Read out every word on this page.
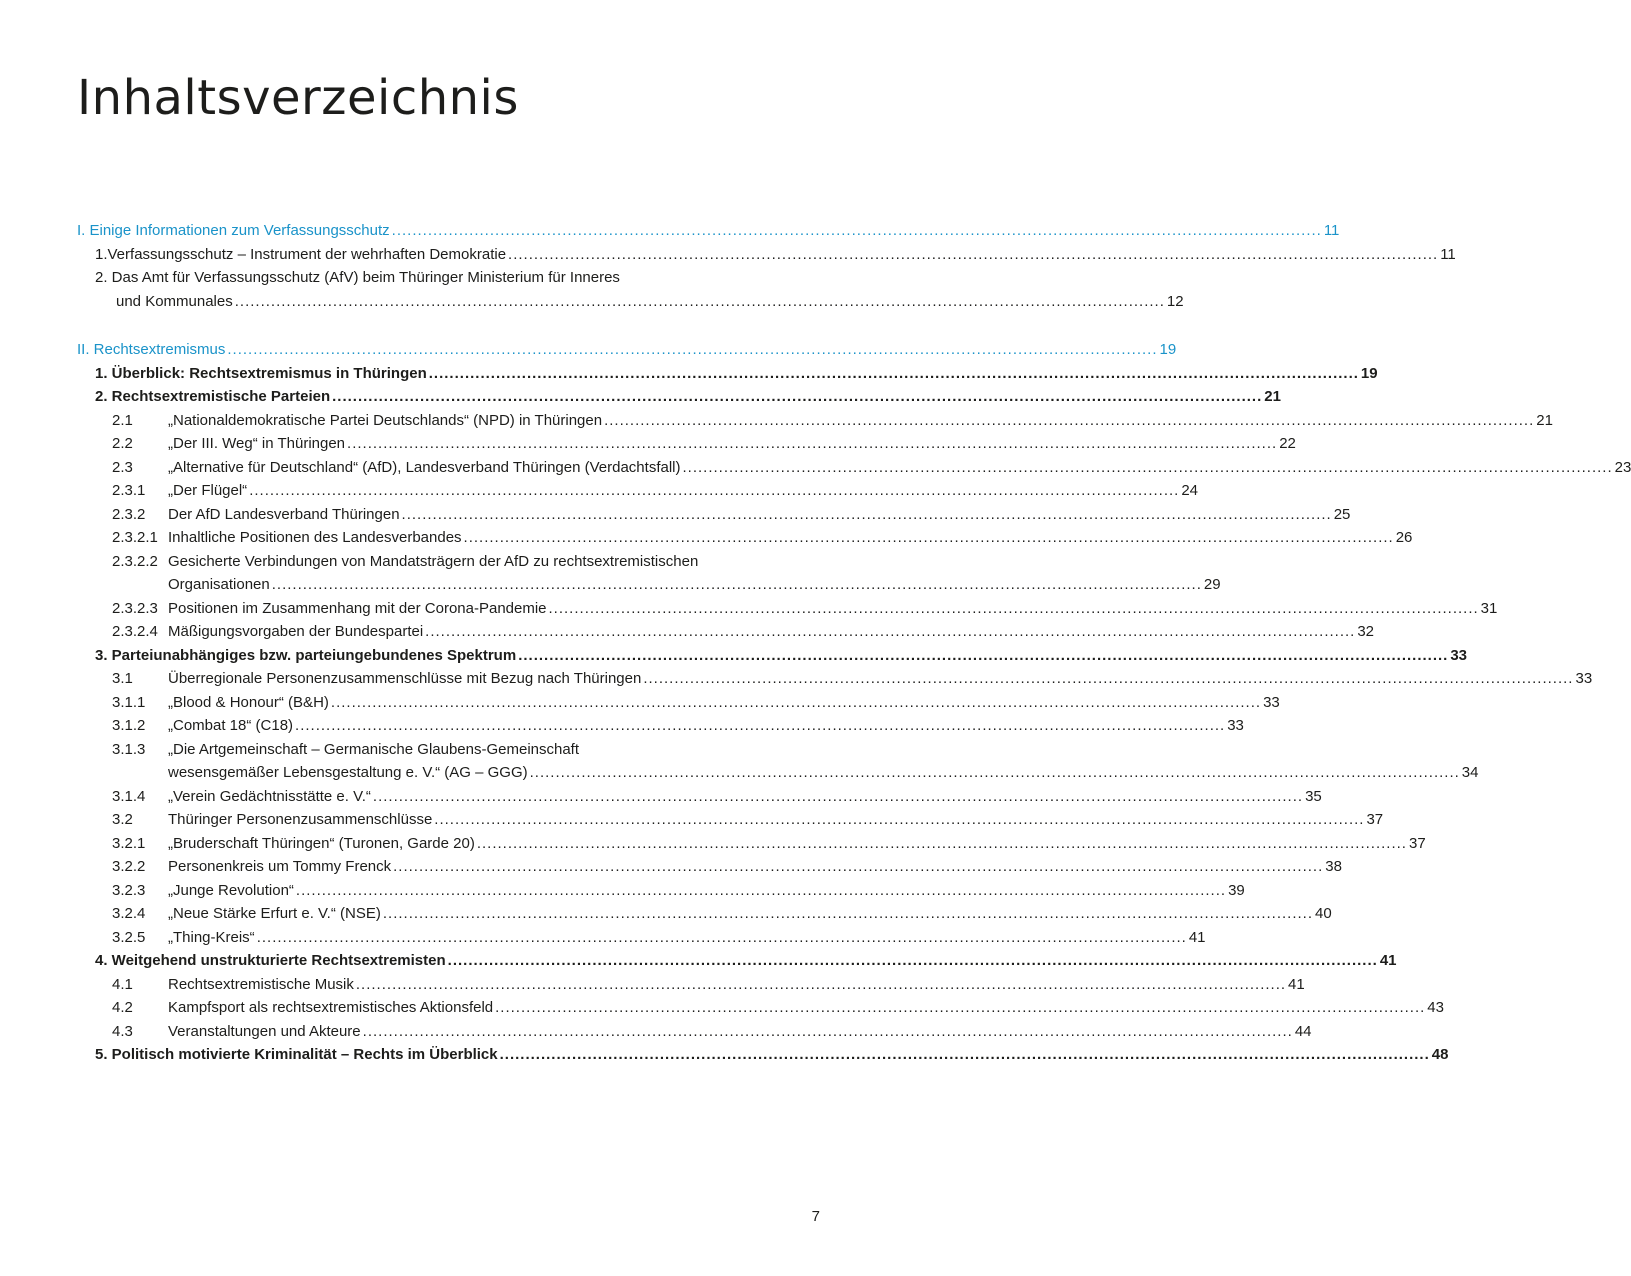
Inhaltsverzeichnis
I. Einige Informationen zum Verfassungsschutz .................................................................................................................................................................................... 11
1.Verfassungsschutz – Instrument der wehrhaften Demokratie .................................................................................................................................................................................... 11
2. Das Amt für Verfassungsschutz (AfV) beim Thüringer Ministerium für Inneres
und Kommunales .................................................................................................................................................................................... 12
II. Rechtsextremismus .................................................................................................................................................................................... 19
1. Überblick: Rechtsextremismus in Thüringen .................................................................................................................................................................................... 19
2. Rechtsextremistische Parteien .................................................................................................................................................................................... 21
2.1 „Nationaldemokratische Partei Deutschlands“ (NPD) in Thüringen .................................................................................................................................................................................... 21
2.2 „Der III. Weg“ in Thüringen .................................................................................................................................................................................... 22
2.3 „Alternative für Deutschland“ (AfD), Landesverband Thüringen (Verdachtsfall) .................................................................................................................................................................................... 23
2.3.1 „Der Flügel“ .................................................................................................................................................................................... 24
2.3.2 Der AfD Landesverband Thüringen .................................................................................................................................................................................... 25
2.3.2.1 Inhaltliche Positionen des Landesverbandes .................................................................................................................................................................................... 26
2.3.2.2 Gesicherte Verbindungen von Mandatsträgern der AfD zu rechtsextremistischen
Organisationen .................................................................................................................................................................................... 29
2.3.2.3 Positionen im Zusammenhang mit der Corona-Pandemie .................................................................................................................................................................................... 31
2.3.2.4 Mäßigungsvorgaben der Bundespartei .................................................................................................................................................................................... 32
3. Parteiunabhängiges bzw. parteiungebundenes Spektrum .................................................................................................................................................................................... 33
3.1 Überregionale Personenzusammenschlüsse mit Bezug nach Thüringen .................................................................................................................................................................................... 33
3.1.1 „Blood & Honour“ (B&H) .................................................................................................................................................................................... 33
3.1.2 „Combat 18“ (C18) .................................................................................................................................................................................... 33
3.1.3 „Die Artgemeinschaft – Germanische Glaubens-Gemeinschaft
wesensgemäßer Lebensgestaltung e. V.“ (AG – GGG) .................................................................................................................................................................................... 34
3.1.4 „Verein Gedächtnisstätte e. V.“ .................................................................................................................................................................................... 35
3.2 Thüringer Personenzusammenschlüsse .................................................................................................................................................................................... 37
3.2.1 „Bruderschaft Thüringen“ (Turonen, Garde 20) .................................................................................................................................................................................... 37
3.2.2 Personenkreis um Tommy Frenck .................................................................................................................................................................................... 38
3.2.3 „Junge Revolution“ .................................................................................................................................................................................... 39
3.2.4 „Neue Stärke Erfurt e. V.“ (NSE) .................................................................................................................................................................................... 40
3.2.5 „Thing-Kreis“ .................................................................................................................................................................................... 41
4. Weitgehend unstrukturierte Rechtsextremisten .................................................................................................................................................................................... 41
4.1 Rechtsextremistische Musik .................................................................................................................................................................................... 41
4.2 Kampfsport als rechtsextremistisches Aktionsfeld .................................................................................................................................................................................... 43
4.3 Veranstaltungen und Akteure .................................................................................................................................................................................... 44
5. Politisch motivierte Kriminalität – Rechts im Überblick .................................................................................................................................................................................... 48
7
